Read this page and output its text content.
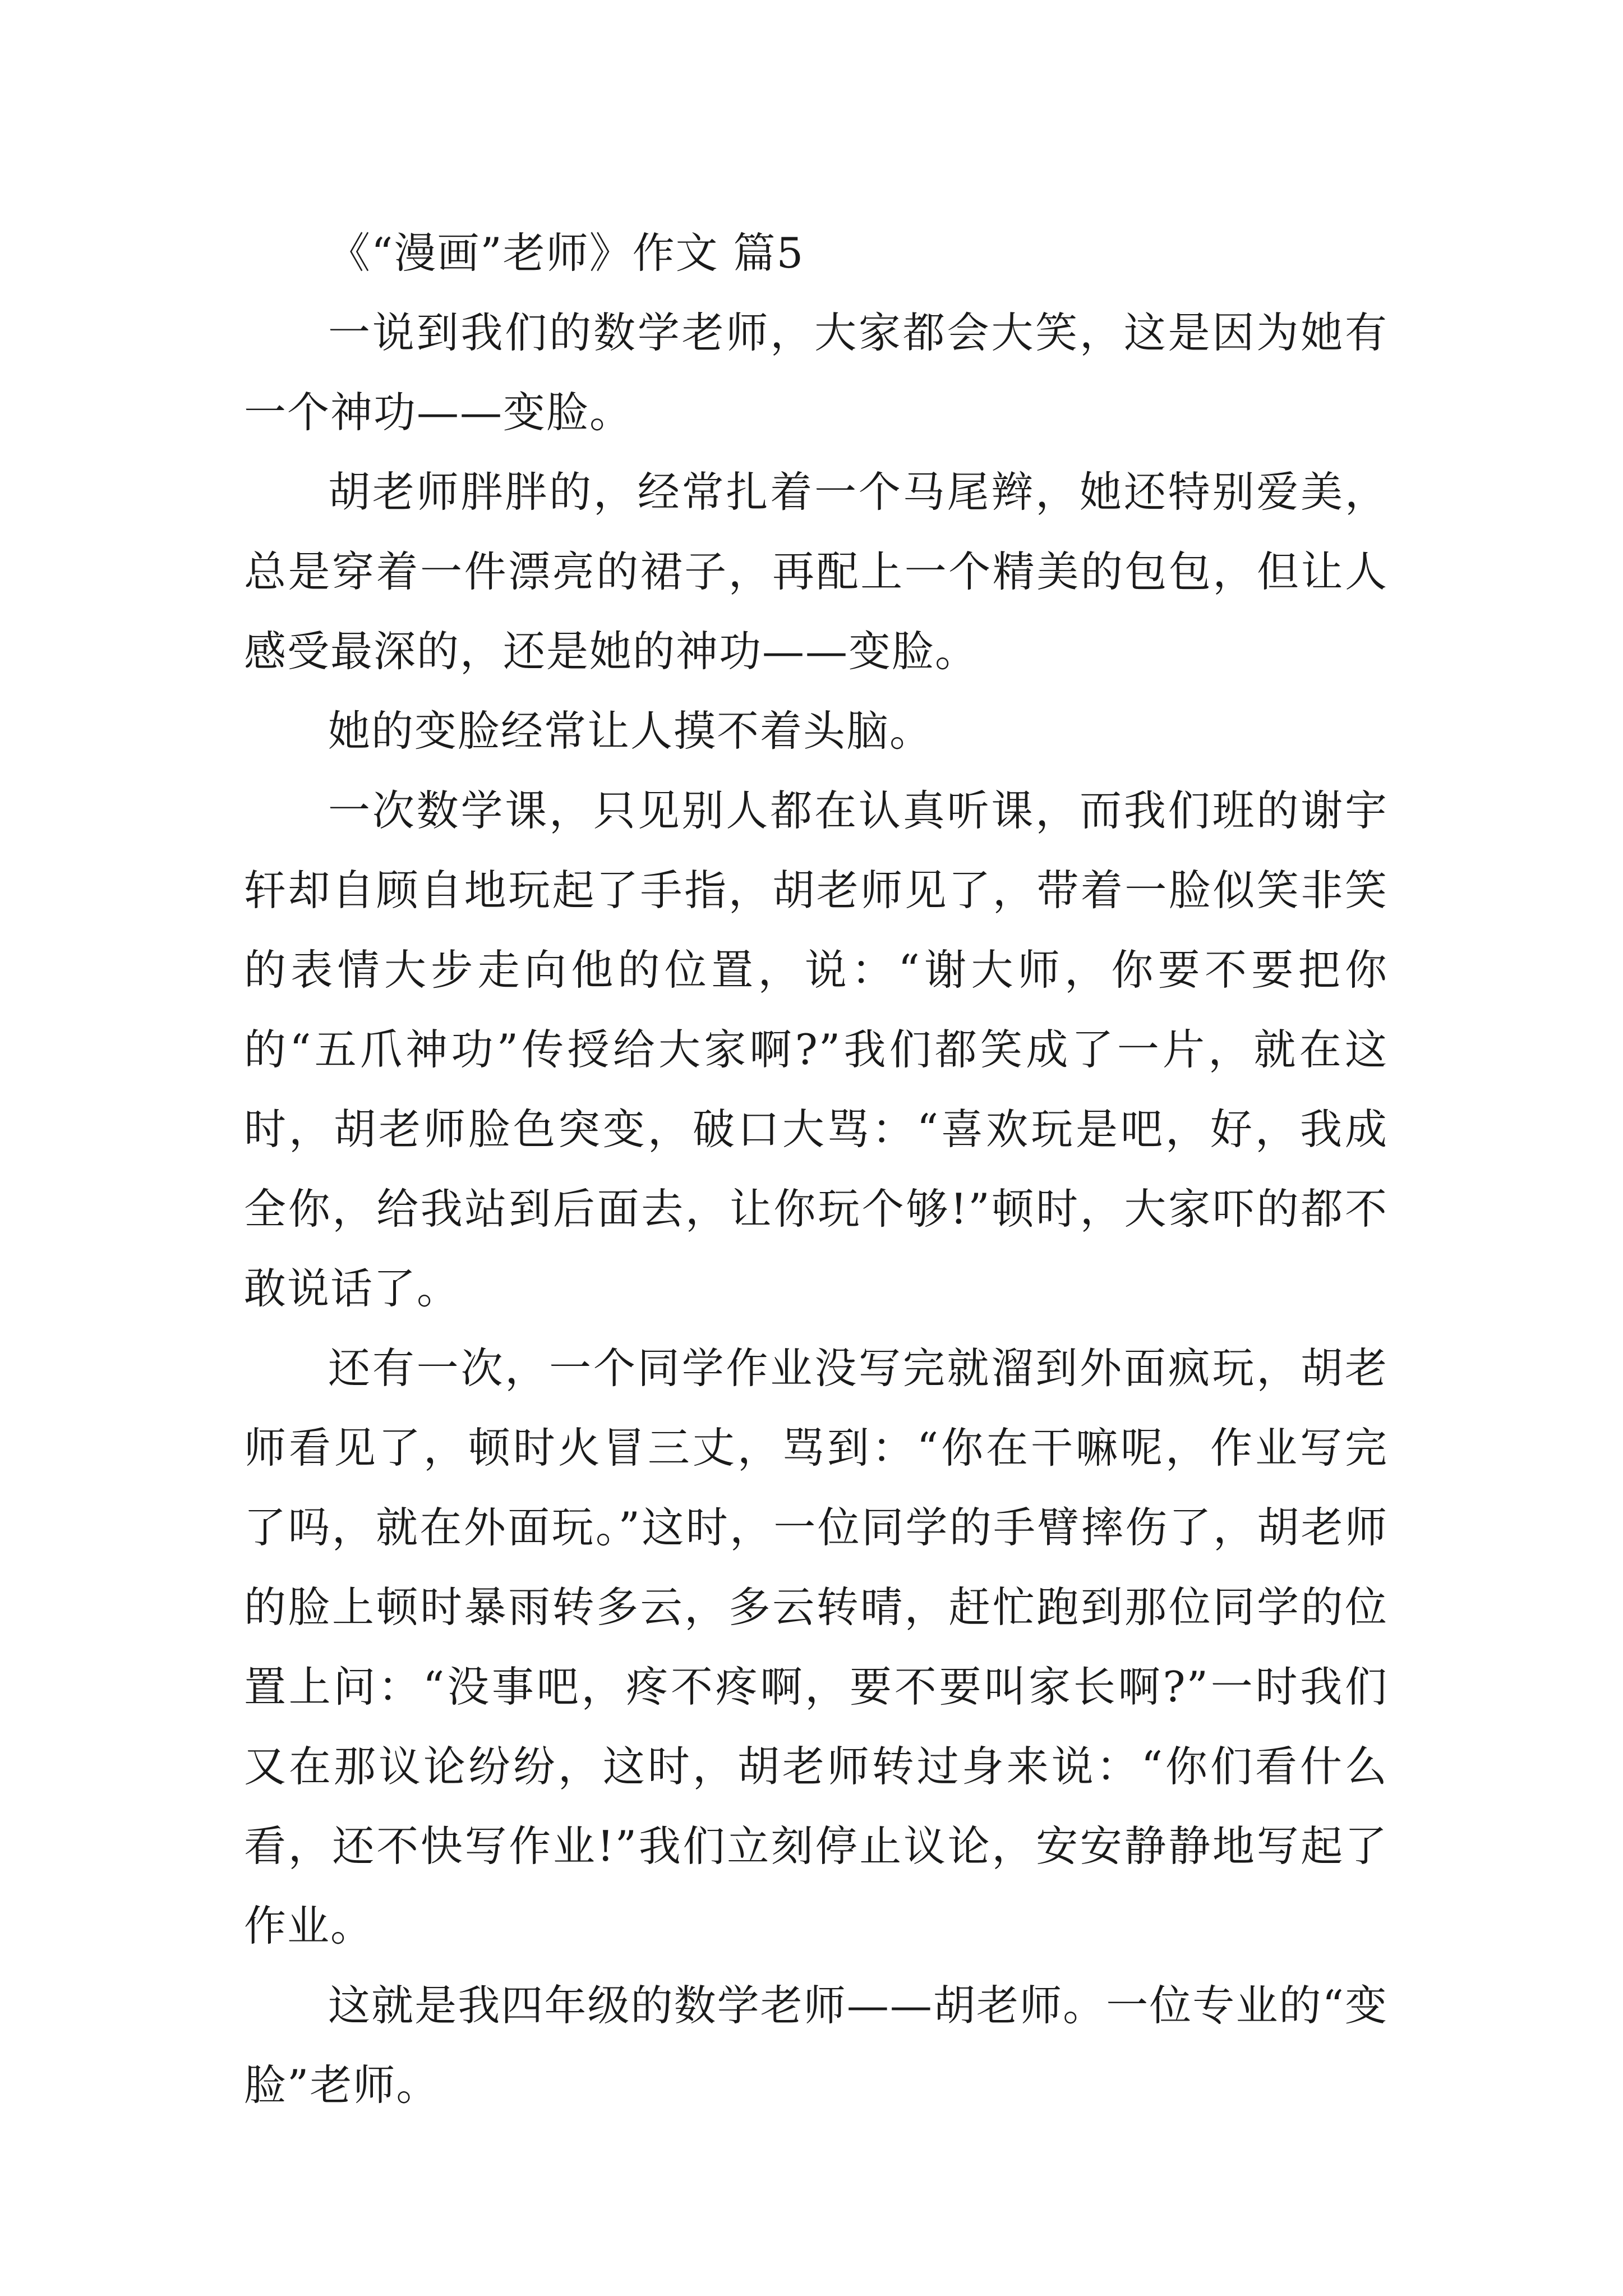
《“漫画”老师》作文 篇5

一说到我们的数学老师，大家都会大笑，这是因为她有一个神功——变脸。

胡老师胖胖的，经常扎着一个马尾辫，她还特别爱美，总是穿着一件漂亮的裙子，再配上一个精美的包包，但让人感受最深的，还是她的神功——变脸。

她的变脸经常让人摸不着头脑。

一次数学课，只见别人都在认真听课，而我们班的谢宇轩却自顾自地玩起了手指，胡老师见了，带着一脸似笑非笑的表情大步走向他的位置，说：“谢大师，你要不要把你的“五爪神功”传授给大家啊?”我们都笑成了一片，就在这时，胡老师脸色突变，破口大骂：“喜欢玩是吧，好，我成全你，给我站到后面去，让你玩个够!”顿时，大家吓的都不敢说话了。

还有一次，一个同学作业没写完就溜到外面疯玩，胡老师看见了，顿时火冒三丈，骂到：“你在干嘛呢，作业写完了吗，就在外面玩。”这时，一位同学的手臂摔伤了，胡老师的脸上顿时暴雨转多云，多云转晴，赶忙跑到那位同学的位置上问：“没事吧，疼不疼啊，要不要叫家长啊?”一时我们又在那议论纷纷，这时，胡老师转过身来说：“你们看什么看，还不快写作业!”我们立刻停止议论，安安静静地写起了作业。

这就是我四年级的数学老师——胡老师。一位专业的“变脸”老师。
